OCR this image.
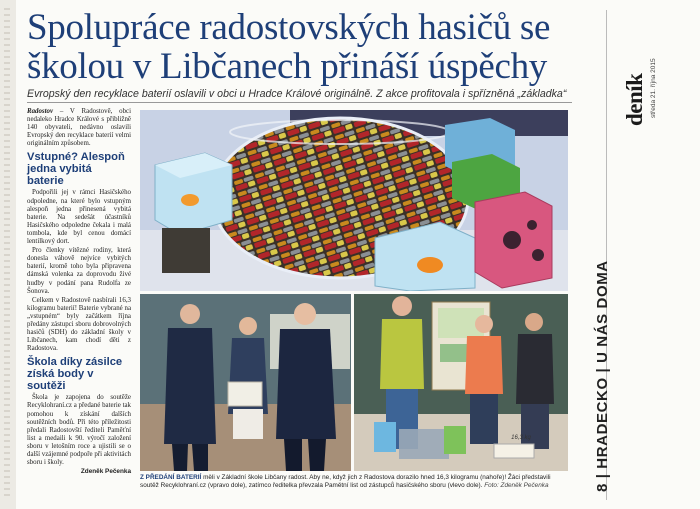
Spolupráce radostovských hasičů se školou v Libčanech přináší úspěchy
Evropský den recyklace baterií oslavili v obci u Hradce Králové originálně. Z akce profitovala i spřízněná „základka“

Radostov – V Radostově, obci nedaleko Hradce Králové s přibližně 140 obyvateli, nedávno oslavili Evropský den recyklace baterií velmi originálním způsobem.

Vstupné? Alespoň jedna vybitá baterie

Podpořili jej v rámci Hasičského odpoledne, na které bylo vstupným alespoň jedna přinesená vybitá baterie. Na sedešát účastníků Hasičského odpoledne čekala i malá tombola, kde byl cenou domácí lentilkový dort.

Pro členky vítězné rodiny, která donesla váhově nejvíce vybitých baterií, kromě toho byla připravena dámská volenka za doprovodu živé hudby v podání pana Rudolfa ze Šonova.

Celkem v Radostově nasbírali 16,3 kilogramu baterií! Baterie vybrané na „vstupném“ byly začátkem října předány zástupci sboru dobrovolných hasičů (SDH) do základní školy v Libčanech, kam chodí děti z Radostova.

Škola díky zásilce získá body v soutěži

Škola je zapojena do soutěže Recyklohraní.cz a předané baterie tak pomohou k získání dalších soutěžních bodů. Při této příležitosti předali Radostovští řediteli Paměťní list a medaili k 90. výročí založení sboru v letošním roce a ujistili se o další vzájemné podpoře při aktivitách sboru i školy.

Zdeněk Pečenka
16,3 kg
Z PŘEDÁNÍ BATERIÍ měli v Základní škole Libčany radost. Aby ne, když jich z Radostova dorazilo hned 16,3 kilogramu (nahoře)! Žáci představili soutěž Recyklohraní.cz (vpravo dole), zatímco ředitelka převzala Pamětní list od zástupců hasičského sboru (vlevo dole). Foto: Zdeněk Pečenka	8 | HRADECKO | U NÁS DOMA
deník středa 21. října 2015
